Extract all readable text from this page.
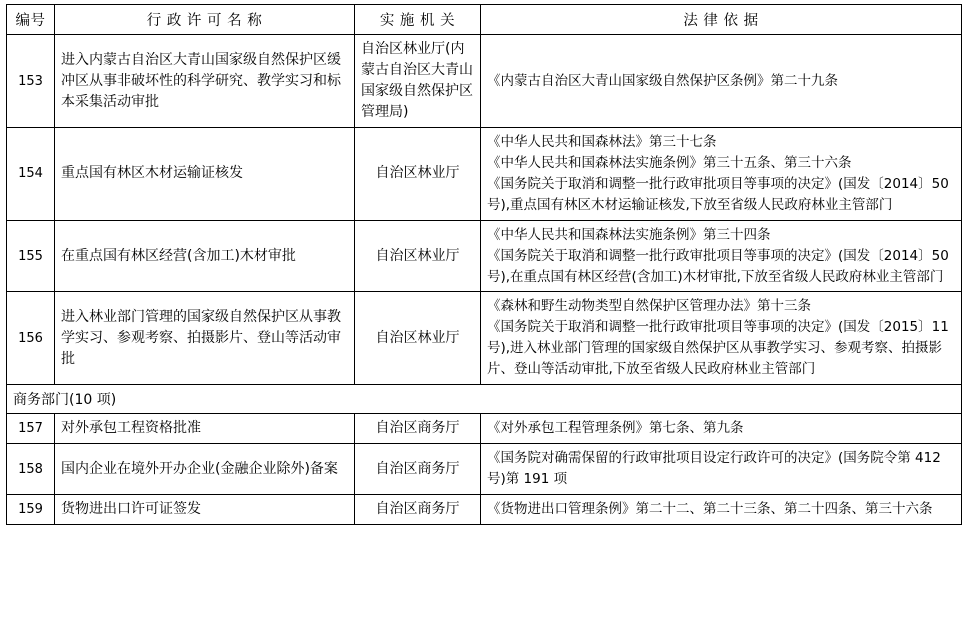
编号	行 政 许 可 名 称	实 施 机 关	法 律 依 据
153	进入内蒙古自治区大青山国家级自然保护区缓冲区从事非破坏性的科学研究、教学实习和标本采集活动审批	自治区林业厅(内蒙古自治区大青山国家级自然保护区管理局)	《内蒙古自治区大青山国家级自然保护区条例》第二十九条

154	重点国有林区木材运输证核发	自治区林业厅	《中华人民共和国森林法》第三十七条
《中华人民共和国森林法实施条例》第三十五条、第三十六条
《国务院关于取消和调整一批行政审批项目等事项的决定》(国发〔2014〕50 号),重点国有林区木材运输证核发,下放至省级人民政府林业主管部门

155	在重点国有林区经营(含加工)木材审批	自治区林业厅	《中华人民共和国森林法实施条例》第三十四条
《国务院关于取消和调整一批行政审批项目等事项的决定》(国发〔2014〕50 号),在重点国有林区经营(含加工)木材审批,下放至省级人民政府林业主管部门

156	进入林业部门管理的国家级自然保护区从事教学实习、参观考察、拍摄影片、登山等活动审批	自治区林业厅	《森林和野生动物类型自然保护区管理办法》第十三条
《国务院关于取消和调整一批行政审批项目等事项的决定》(国发〔2015〕11 号),进入林业部门管理的国家级自然保护区从事教学实习、参观考察、拍摄影片、登山等活动审批,下放至省级人民政府林业主管部门

商务部门(10 项)			
157	对外承包工程资格批准	自治区商务厅	《对外承包工程管理条例》第七条、第九条

158	国内企业在境外开办企业(金融企业除外)备案	自治区商务厅	《国务院对确需保留的行政审批项目设定行政许可的决定》(国务院令第 412 号)第 191 项

159	货物进出口许可证签发	自治区商务厅	《货物进出口管理条例》第二十二、第二十三条、第二十四条、第三十六条
